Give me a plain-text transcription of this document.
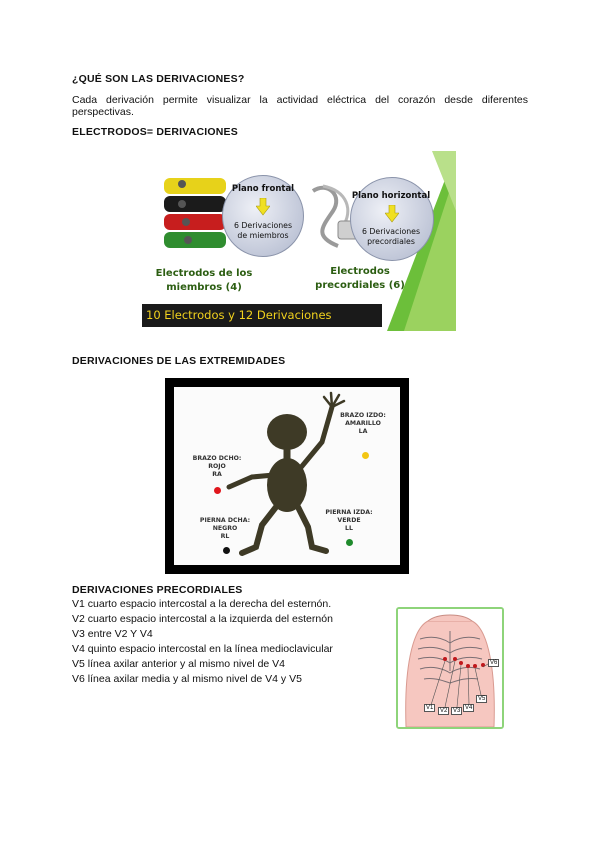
¿QUÉ SON LAS DERIVACIONES?

Cada derivación permite visualizar la actividad eléctrica del corazón desde diferentes perspectivas.

ELECTRODOS= DERIVACIONES
Plano frontal
6 Derivaciones
de miembros
Plano horizontal
6 Derivaciones
precordiales
Electrodos de los
miembros (4)
Electrodos
precordiales (6)
10 Electrodos y 12 Derivaciones
DERIVACIONES DE LAS EXTREMIDADES
BRAZO IZDO:
AMARILLO
LA
BRAZO DCHO:
ROJO
RA
PIERNA DCHA:
NEGRO
RL
PIERNA IZDA:
VERDE
LL
DERIVACIONES PRECORDIALES

V1 cuarto espacio intercostal a la derecha del esternón.

V2 cuarto espacio intercostal a la izquierda del esternón

V3 entre V2 Y V4

V4 quinto espacio intercostal en la línea medioclavicular

V5 línea axilar anterior y al mismo nivel de V4

V6 línea axilar media y al mismo nivel de V4 y V5

V1	V2 V3 V4
V5
V6
